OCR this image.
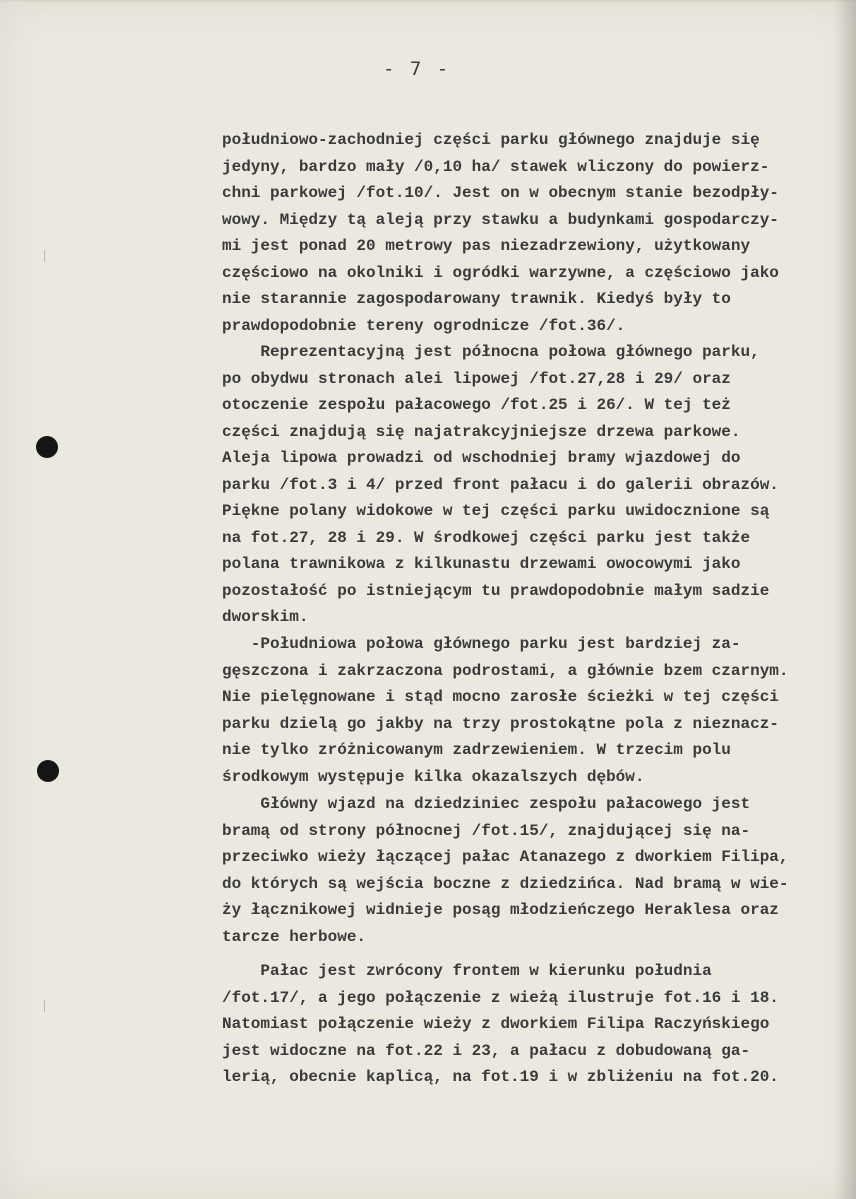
- 7 -
południowo-zachodniej części parku głównego znajduje się
jedyny, bardzo mały /0,10 ha/ stawek wliczony do powierz-
chni parkowej /fot.10/. Jest on w obecnym stanie bezodpły-
wowy. Między tą aleją przy stawku a budynkami gospodarczy-
mi jest ponad 20 metrowy pas niezadrzewiony, użytkowany
częściowo na okolniki i ogródki warzywne, a częściowo jako
nie starannie zagospodarowany trawnik. Kiedyś były to
prawdopodobnie tereny ogrodnicze /fot.36/.
Reprezentacyjną jest północna połowa głównego parku,
po obydwu stronach alei lipowej /fot.27,28 i 29/ oraz
otoczenie zespołu pałacowego /fot.25 i 26/. W tej też
części znajdują się najatrakcyjniejsze drzewa parkowe.
Aleja lipowa prowadzi od wschodniej bramy wjazdowej do
parku /fot.3 i 4/ przed front pałacu i do galerii obrazów.
Piękne polany widokowe w tej części parku uwidocznione są
na fot.27, 28 i 29. W środkowej części parku jest także
polana trawnikowa z kilkunastu drzewami owocowymi jako
pozostałość po istniejącym tu prawdopodobnie małym sadzie
dworskim.
-Południowa połowa głównego parku jest bardziej za-
gęszczona i zakrzaczona podrostami, a głównie bzem czarnym.
Nie pielęgnowane i stąd mocno zarosłe ścieżki w tej części
parku dzielą go jakby na trzy prostokątne pola z nieznacz-
nie tylko zróżnicowanym zadrzewieniem. W trzecim polu
środkowym występuje kilka okazalszych dębów.
Główny wjazd na dziedziniec zespołu pałacowego jest
bramą od strony północnej /fot.15/, znajdującej się na-
przeciwko wieży łączącej pałac Atanazego z dworkiem Filipa,
do których są wejścia boczne z dziedzińca. Nad bramą w wie-
ży łącznikowej widnieje posąg młodzieńczego Heraklesa oraz
tarcze herbowe.
Pałac jest zwrócony frontem w kierunku południa
/fot.17/, a jego połączenie z wieżą ilustruje fot.16 i 18.
Natomiast połączenie wieży z dworkiem Filipa Raczyńskiego
jest widoczne na fot.22 i 23, a pałacu z dobudowaną ga-
lerią, obecnie kaplicą, na fot.19 i w zbliżeniu na fot.20.
